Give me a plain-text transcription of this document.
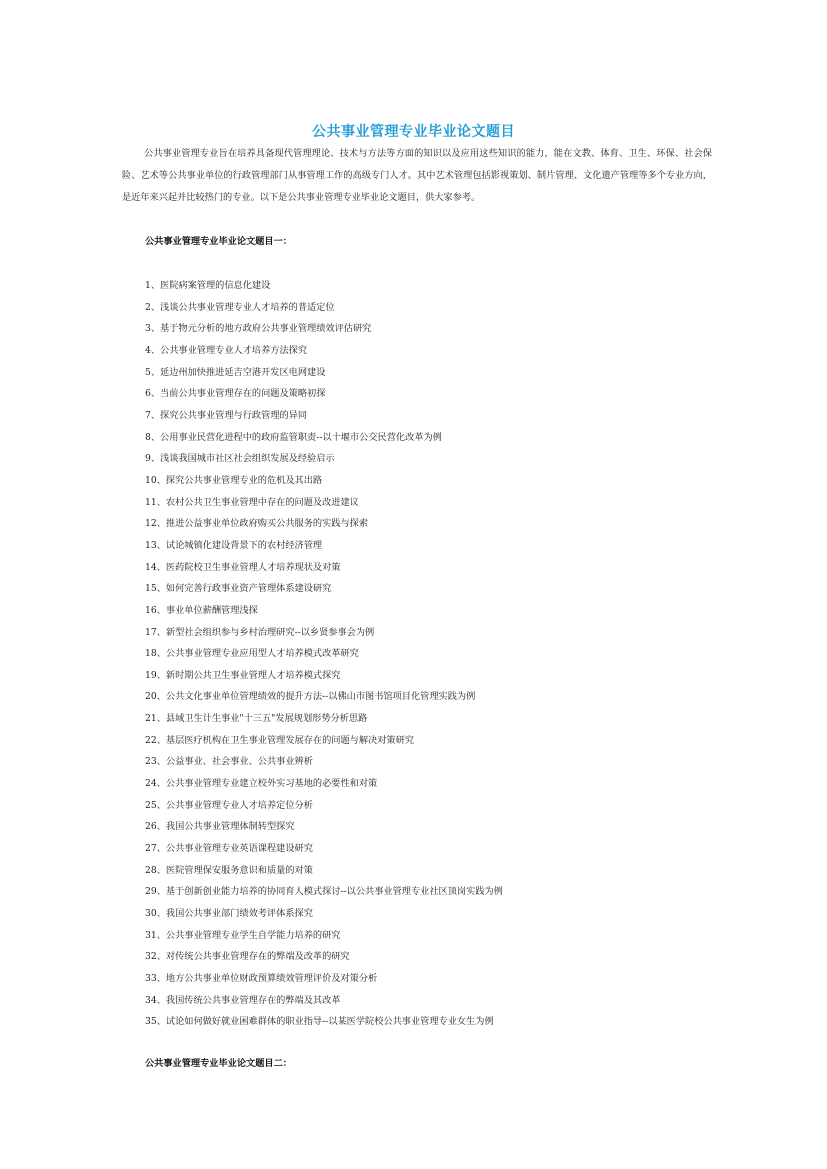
公共事业管理专业毕业论文题目
公共事业管理专业旨在培养具备现代管理理论、技术与方法等方面的知识以及应用这些知识的能力，能在文教、体育、卫生、环保、社会保险、艺术等公共事业单位的行政管理部门从事管理工作的高级专门人才。其中艺术管理包括影视策划、制片管理、文化遗产管理等多个专业方向，是近年来兴起并比较热门的专业。以下是公共事业管理专业毕业论文题目，供大家参考。
公共事业管理专业毕业论文题目一：
1、医院病案管理的信息化建设
2、浅谈公共事业管理专业人才培养的普适定位
3、基于物元分析的地方政府公共事业管理绩效评估研究
4、公共事业管理专业人才培养方法探究
5、延边州加快推进延吉空港开发区电网建设
6、当前公共事业管理存在的问题及策略初探
7、探究公共事业管理与行政管理的异同
8、公用事业民营化进程中的政府监管职责--以十堰市公交民营化改革为例
9、浅谈我国城市社区社会组织发展及经验启示
10、探究公共事业管理专业的危机及其出路
11、农村公共卫生事业管理中存在的问题及改进建议
12、推进公益事业单位政府购买公共服务的实践与探索
13、试论城镇化建设背景下的农村经济管理
14、医药院校卫生事业管理人才培养现状及对策
15、如何完善行政事业资产管理体系建设研究
16、事业单位薪酬管理浅探
17、新型社会组织参与乡村治理研究--以乡贤参事会为例
18、公共事业管理专业应用型人才培养模式改革研究
19、新时期公共卫生事业管理人才培养模式探究
20、公共文化事业单位管理绩效的提升方法--以佛山市图书馆项目化管理实践为例
21、县域卫生计生事业"十三五"发展规划形势分析思路
22、基层医疗机构在卫生事业管理发展存在的问题与解决对策研究
23、公益事业、社会事业、公共事业辨析
24、公共事业管理专业建立校外实习基地的必要性和对策
25、公共事业管理专业人才培养定位分析
26、我国公共事业管理体制转型探究
27、公共事业管理专业英语课程建设研究
28、医院管理保安服务意识和质量的对策
29、基于创新创业能力培养的协同育人模式探讨--以公共事业管理专业社区顶岗实践为例
30、我国公共事业部门绩效考评体系探究
31、公共事业管理专业学生自学能力培养的研究
32、对传统公共事业管理存在的弊端及改革的研究
33、地方公共事业单位财政预算绩效管理评价及对策分析
34、我国传统公共事业管理存在的弊端及其改革
35、试论如何做好就业困难群体的职业指导--以某医学院校公共事业管理专业女生为例
公共事业管理专业毕业论文题目二：
